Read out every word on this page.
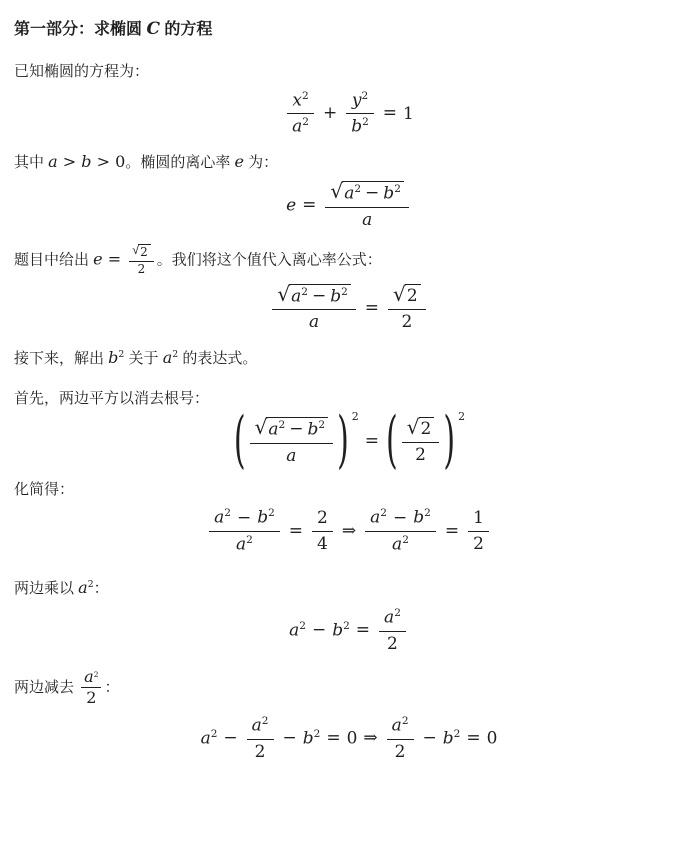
第一部分：求椭圆 C 的方程

已知椭圆的方程为：

$\frac{x^2}{a^2} + \frac{y^2}{b^2} = 1$

其中 a > b > 0。椭圆的离心率 e 为：

$e = \frac{√ a^2 - b^2}{a}$

题目中给出 $e = \frac{√ 2}{2}$ 。我们将这个值代入离心率公式：

$\frac{√ a^2 - b^2}{a} = \frac{√ 2}{2}$

接下来，解出 $b^2$ 关于 $a^2$ 的表达式。

首先，两边平方以消去根号：

( $\frac{√ a^2 - b^2}{a}$ ) 2
= ( $\frac{√ 2}{2}$ ) 2

化简得：

$\frac{a^2 - b^2}{a^2} = \frac{2}{4}$ ⇒ $\frac{a^2 - b^2}{a^2} = \frac{1}{2}$

两边乘以 $a^2$：

$a^2 - b^2 = \frac{a^2}{2}$

两边减去 $\frac{a^2}{2}$ ：

$a^2 - \frac{a^2}{2} - b^2 = 0$ ⇒ $\frac{a^2}{2} - b^2 = 0$
